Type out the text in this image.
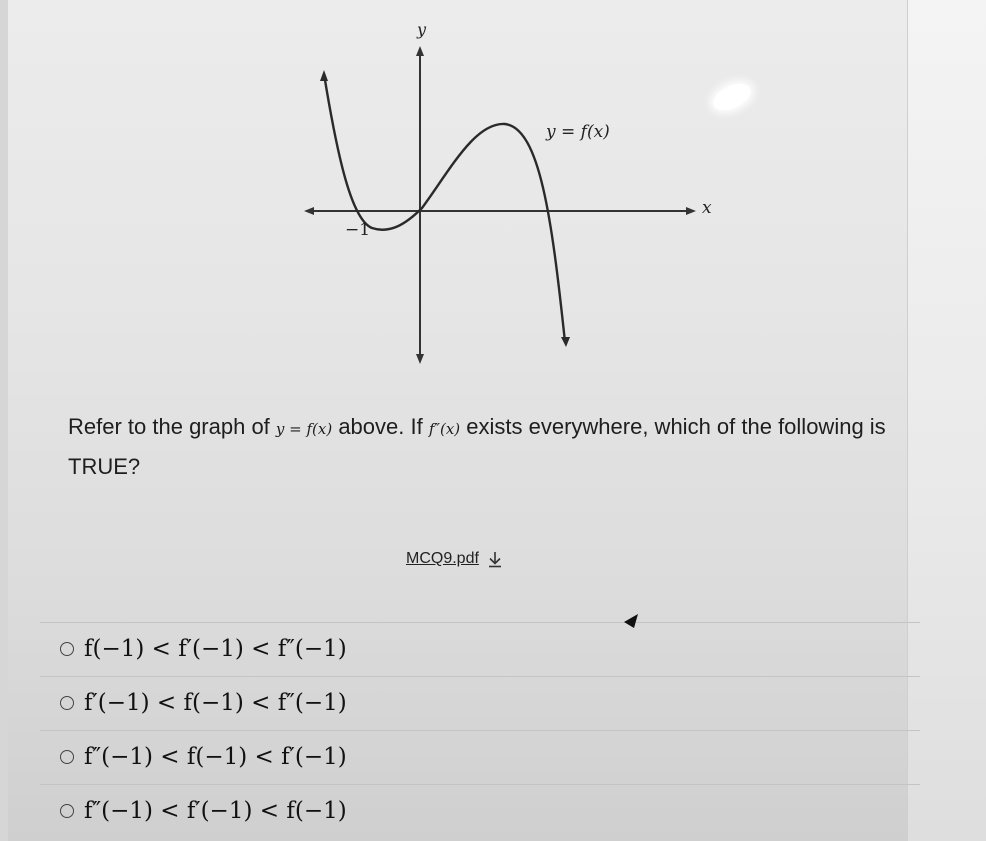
y
x
y = f(x)
−1
Refer to the graph of y = f(x) above. If f″(x) exists everywhere, which of the following is TRUE?
MCQ9.pdf
f(−1) < f′(−1) < f″(−1)
f′(−1) < f(−1) < f″(−1)
f″(−1) < f(−1) < f′(−1)
f″(−1) < f′(−1) < f(−1)
